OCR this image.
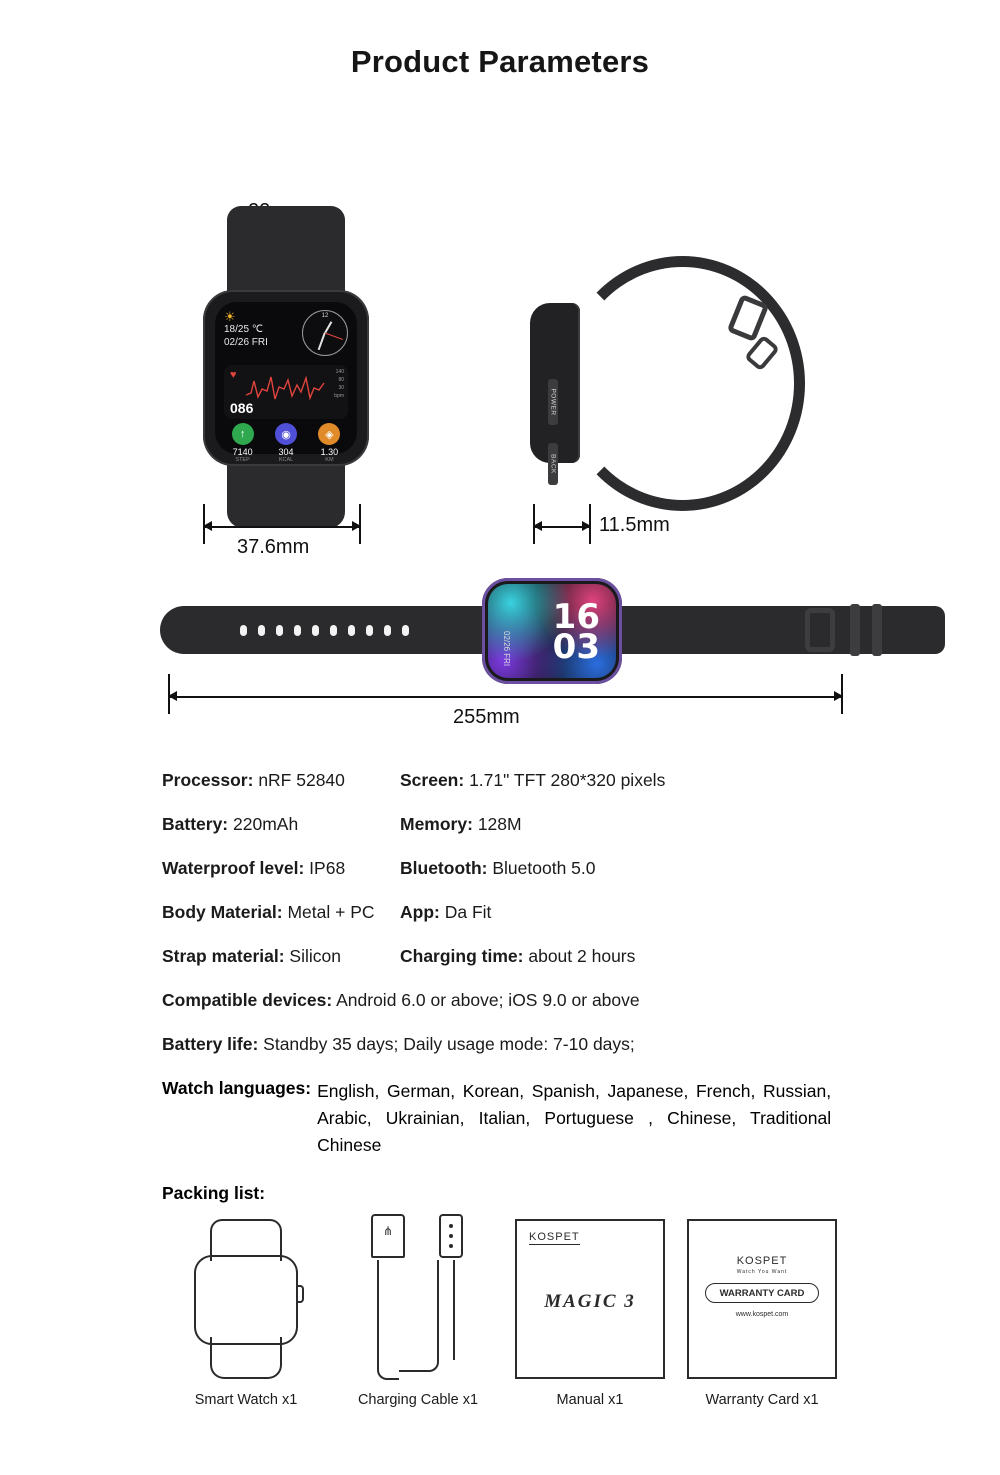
Product Parameters
☀
18/25 ℃
02/26 FRI
12
♥	140
80
30
bpm
086
↑
7140
STEP
◉
304
KCAL
◈
1.30
KM
37.6mm
POWER
BACK
11.5mm
16
03
02/26 FRI
255mm
Processor: nRF 52840	Screen: 1.71" TFT 280*320 pixels
Battery: 220mAh	Memory: 128M
Waterproof level: IP68	Bluetooth: Bluetooth 5.0
Body Material: Metal + PC	App: Da Fit
Strap material: Silicon	Charging time: about 2 hours
Compatible devices: Android 6.0 or above; iOS 9.0 or above
Battery life: Standby 35 days; Daily usage mode: 7-10 days;
Watch languages: English, German, Korean, Spanish, Japanese, French, Russian, Arabic, Ukrainian, Italian, Portuguese , Chinese, Traditional Chinese
Packing list:
Smart Watch x1
⋔
Charging Cable x1
KOSPET
MAGIC 3
Manual x1
KOSPET
Watch You Want
WARRANTY CARD
www.kospet.com
Warranty Card x1
